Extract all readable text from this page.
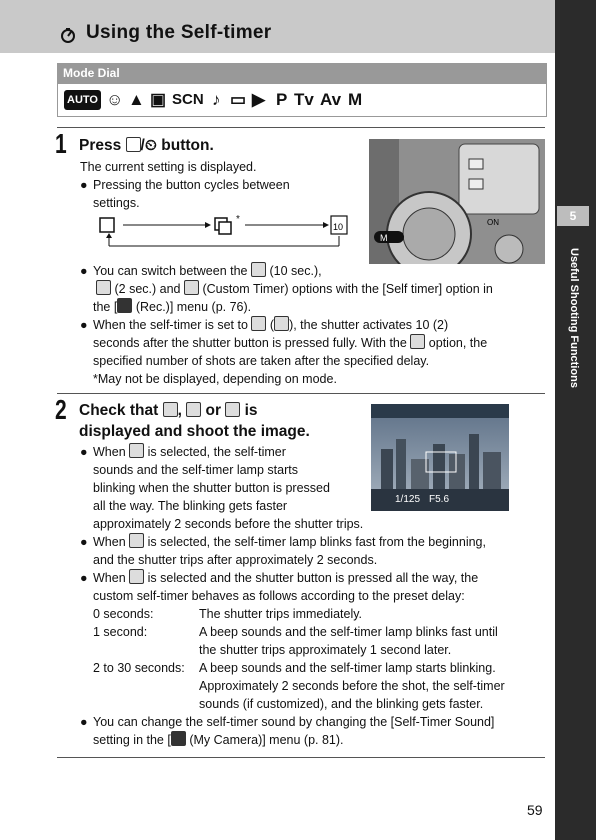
Using the Self-timer
5
Useful Shooting Functions
Mode Dial
AUTO ☺ ▲ ▣ SCN ♪ ▭ ▶ P Tv Av M
1 Press /⏲ button.
The current setting is displayed.
● Pressing the button cycles between
settings.
10
*
M
ON
● You can switch between the (10 sec.),
(2 sec.) and (Custom Timer) options with the [Self timer] option in
the [ (Rec.)] menu (p. 76).
● When the self-timer is set to ( ), the shutter activates 10 (2)
seconds after the shutter button is pressed fully. With the option, the
specified number of shots are taken after the specified delay.
*May not be displayed, depending on mode.
2 Check that , or is
displayed and shoot the image.
1/125 F5.6
● When is selected, the self-timer
sounds and the self-timer lamp starts
blinking when the shutter button is pressed
all the way. The blinking gets faster
approximately 2 seconds before the shutter trips.
● When is selected, the self-timer lamp blinks fast from the beginning,
and the shutter trips after approximately 2 seconds.
● When is selected and the shutter button is pressed all the way, the
custom self-timer behaves as follows according to the preset delay:
0 seconds:	The shutter trips immediately.
1 second:	A beep sounds and the self-timer lamp blinks fast until
the shutter trips approximately 1 second later.
2 to 30 seconds: A beep sounds and the self-timer lamp starts blinking.
Approximately 2 seconds before the shot, the self-timer
sounds (if customized), and the blinking gets faster.
● You can change the self-timer sound by changing the [Self-Timer Sound]
setting in the [ (My Camera)] menu (p. 81).
59
